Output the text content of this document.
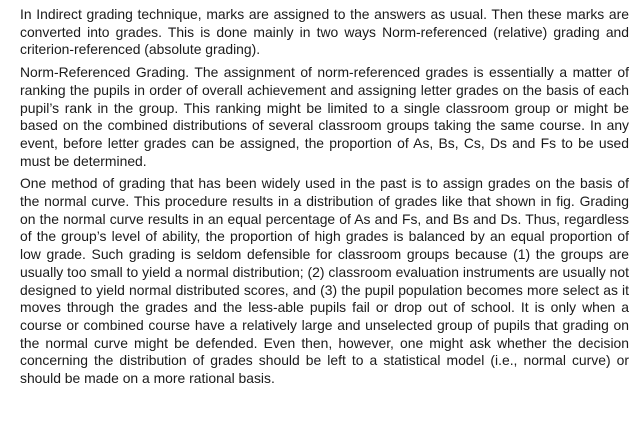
In Indirect grading technique, marks are assigned to the answers as usual. Then these marks are converted into grades. This is done mainly in two ways Norm-referenced (relative) grading and criterion-referenced (absolute grading).

Norm-Referenced Grading. The assignment of norm-referenced grades is essentially a matter of ranking the pupils in order of overall achievement and assigning letter grades on the basis of each pupil’s rank in the group. This ranking might be limited to a single classroom group or might be based on the combined distributions of several classroom groups taking the same course. In any event, before letter grades can be assigned, the proportion of As, Bs, Cs, Ds and Fs to be used must be determined.

One method of grading that has been widely used in the past is to assign grades on the basis of the normal curve. This procedure results in a distribution of grades like that shown in fig. Grading on the normal curve results in an equal percentage of As and Fs, and Bs and Ds. Thus, regardless of the group’s level of ability, the proportion of high grades is balanced by an equal proportion of low grade. Such grading is seldom defensible for classroom groups because (1) the groups are usually too small to yield a normal distribution; (2) classroom evaluation instruments are usually not designed to yield normal distributed scores, and (3) the pupil population becomes more select as it moves through the grades and the less-able pupils fail or drop out of school. It is only when a course or combined course have a relatively large and unselected group of pupils that grading on the normal curve might be defended. Even then, however, one might ask whether the decision concerning the distribution of grades should be left to a statistical model (i.e., normal curve) or should be made on a more rational basis.
